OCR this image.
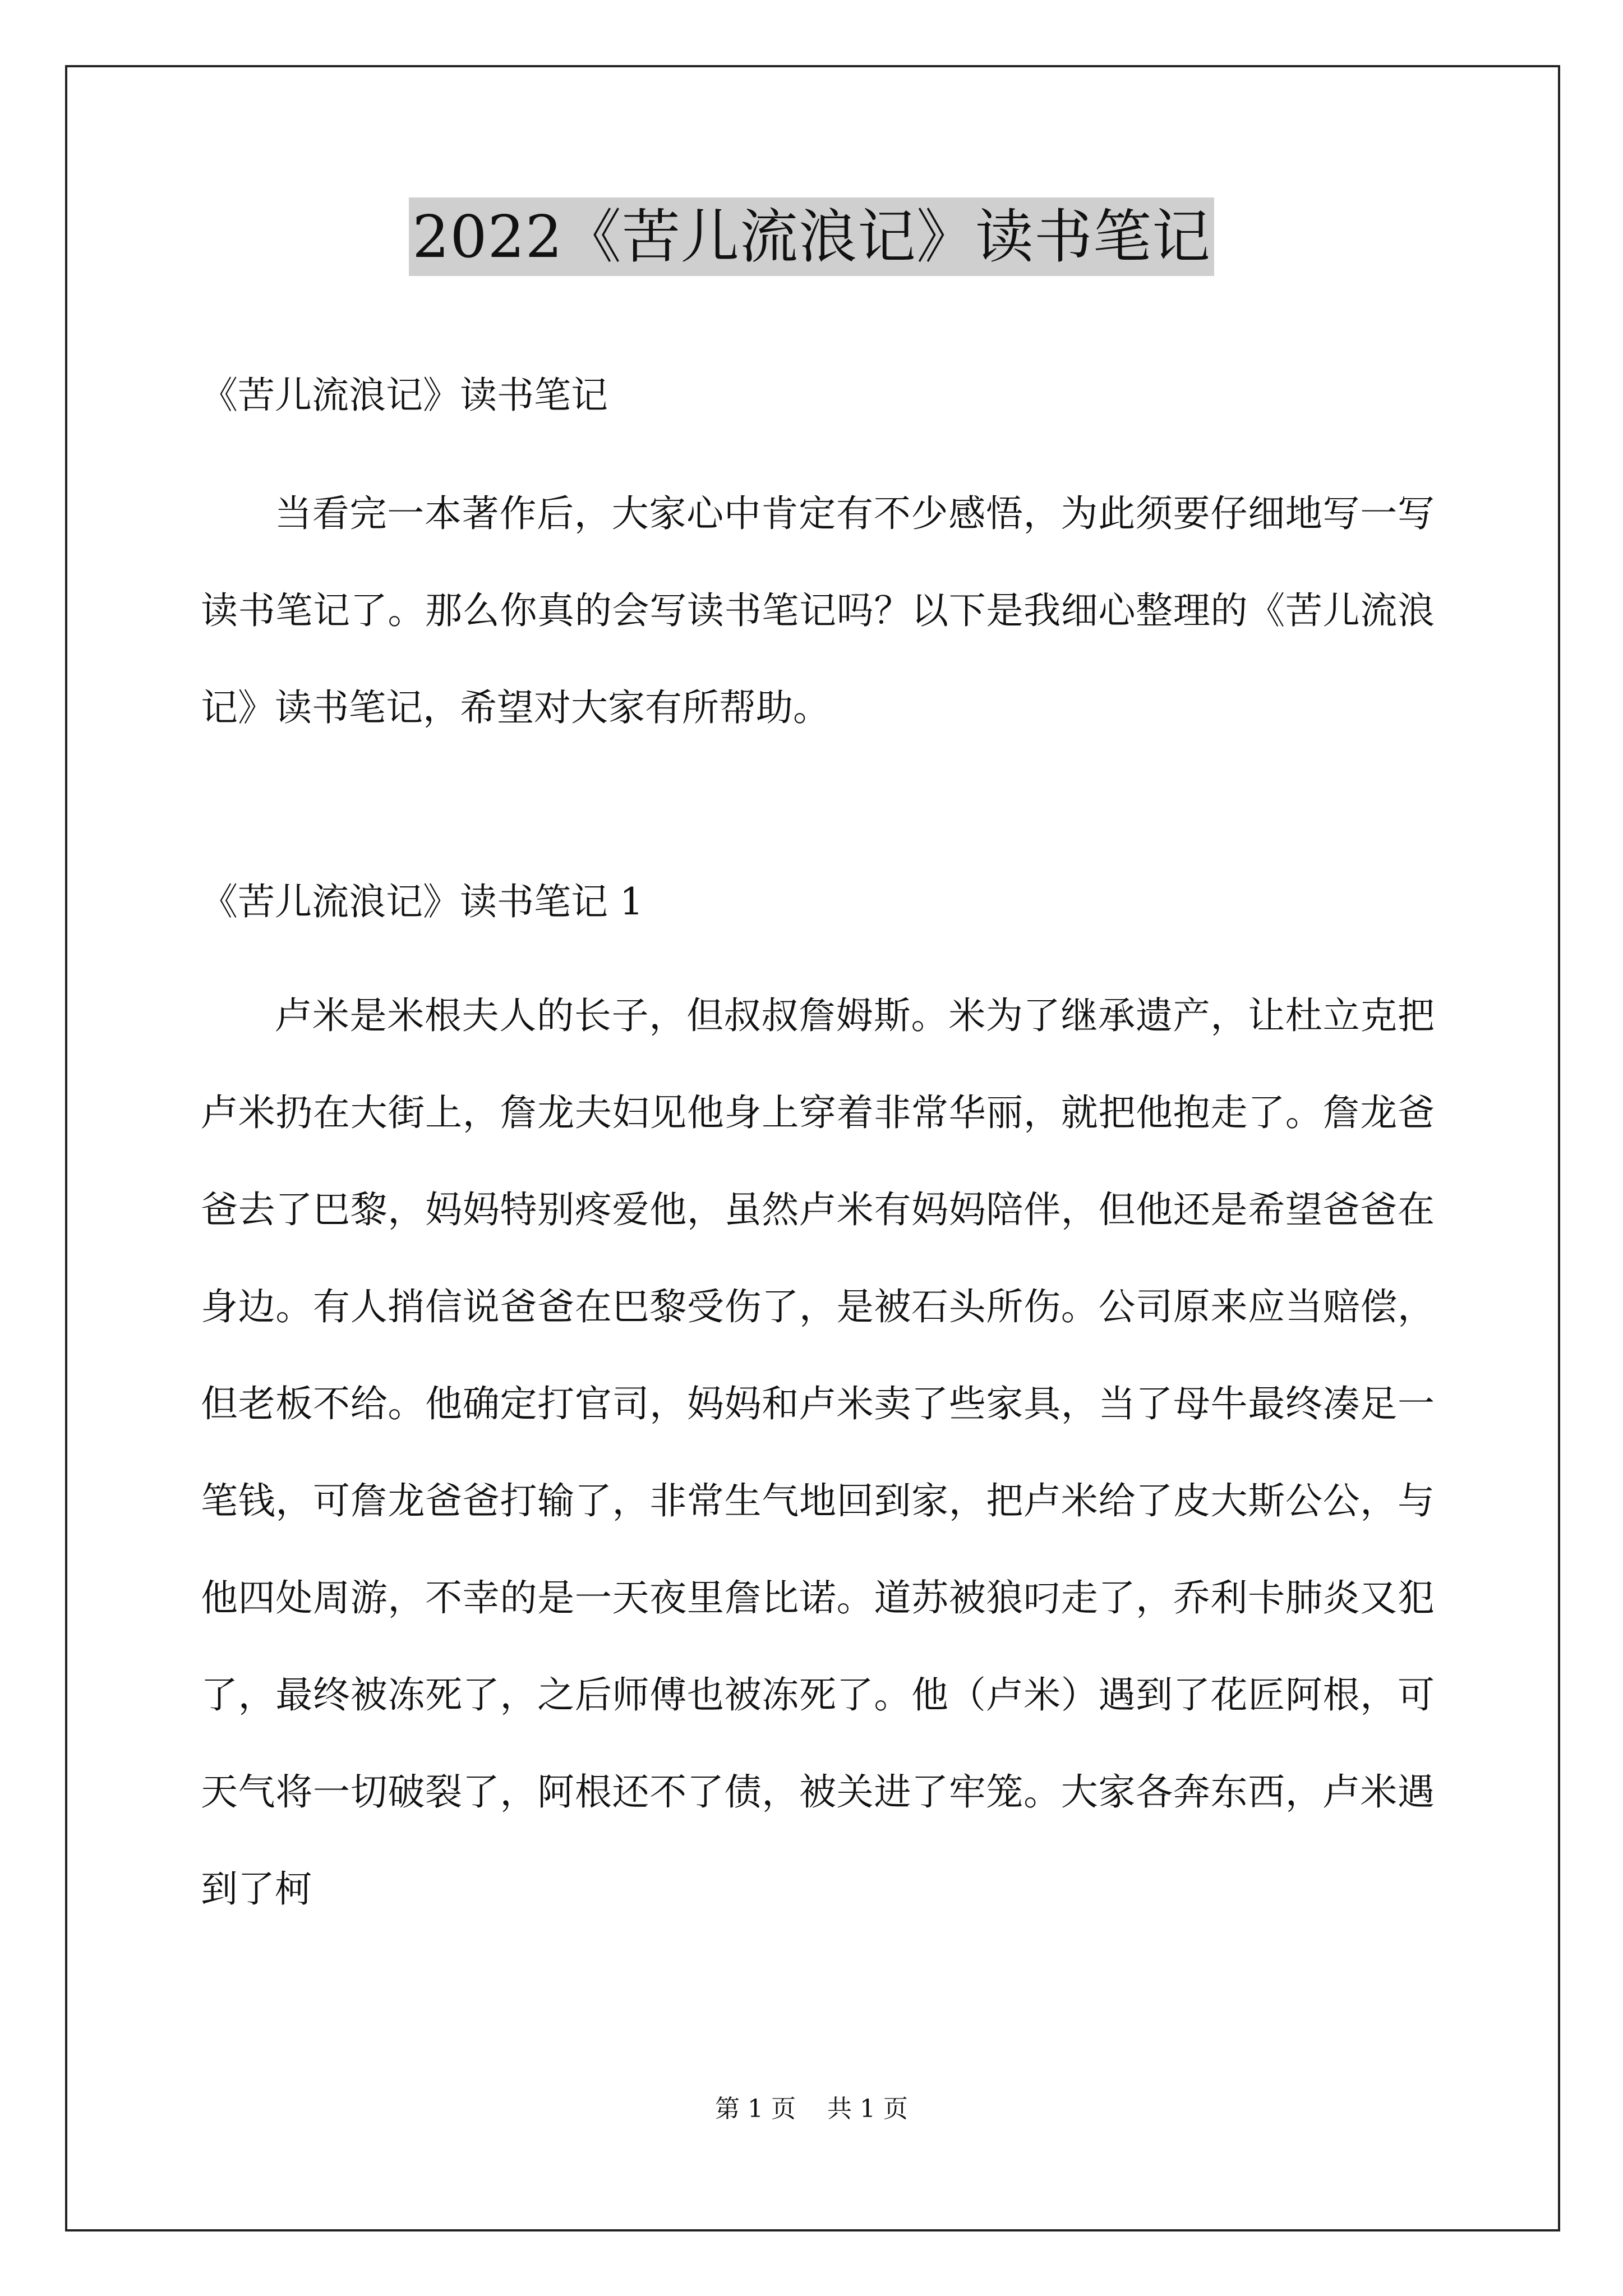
2022《苦儿流浪记》读书笔记

《苦儿流浪记》读书笔记

当看完一本著作后，大家心中肯定有不少感悟，为此须要仔细地写一写读书笔记了。那么你真的会写读书笔记吗？以下是我细心整理的《苦儿流浪记》读书笔记，希望对大家有所帮助。

《苦儿流浪记》读书笔记 1

卢米是米根夫人的长子，但叔叔詹姆斯。米为了继承遗产，让杜立克把卢米扔在大街上，詹龙夫妇见他身上穿着非常华丽，就把他抱走了。詹龙爸爸去了巴黎，妈妈特别疼爱他，虽然卢米有妈妈陪伴，但他还是希望爸爸在身边。有人捎信说爸爸在巴黎受伤了，是被石头所伤。公司原来应当赔偿，但老板不给。他确定打官司，妈妈和卢米卖了些家具，当了母牛最终凑足一笔钱，可詹龙爸爸打输了，非常生气地回到家，把卢米给了皮大斯公公，与他四处周游，不幸的是一天夜里詹比诺。道苏被狼叼走了，乔利卡肺炎又犯了，最终被冻死了，之后师傅也被冻死了。他（卢米）遇到了花匠阿根，可天气将一切破裂了，阿根还不了债，被关进了牢笼。大家各奔东西，卢米遇到了柯

第 1 页    共 1 页
